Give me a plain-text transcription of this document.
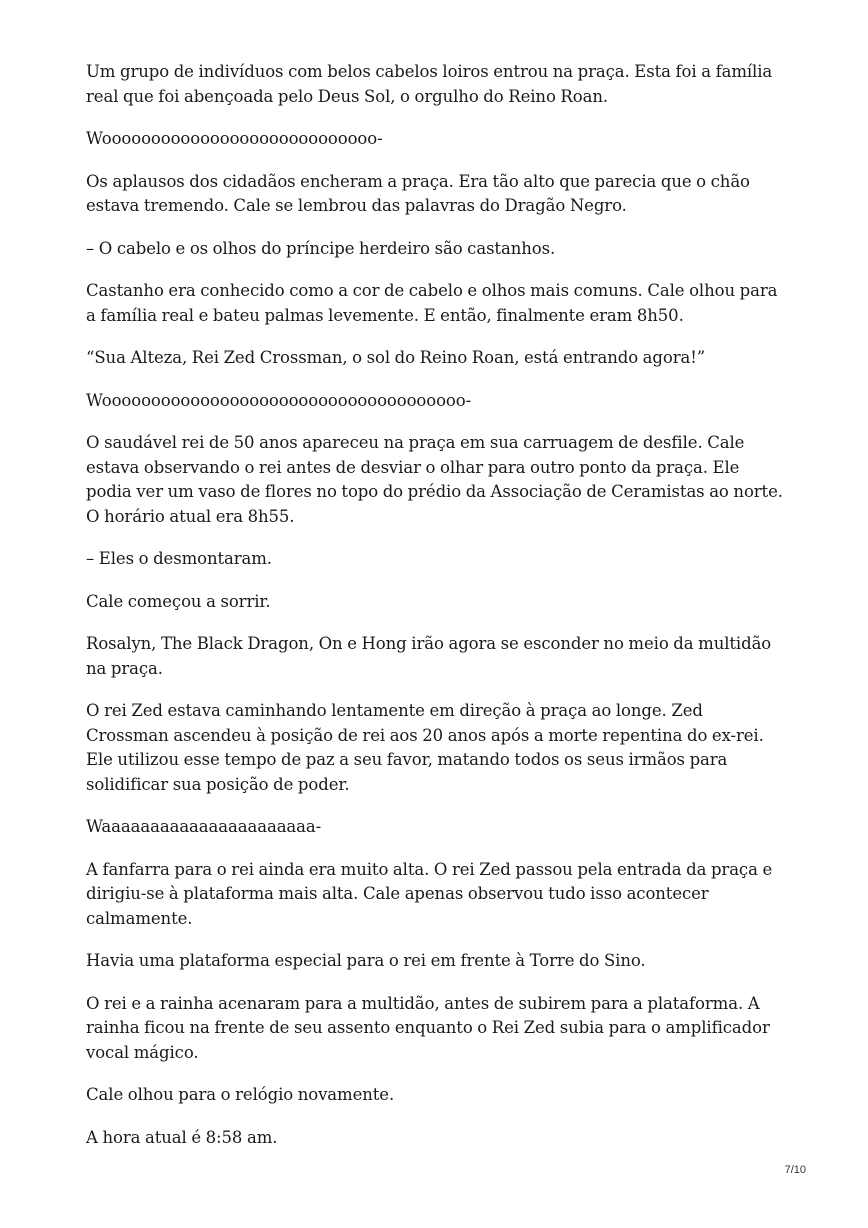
Um grupo de indivíduos com belos cabelos loiros entrou na praça. Esta foi a família real que foi abençoada pelo Deus Sol, o orgulho do Reino Roan.

Woooooooooooooooooooooooooooo-

Os aplausos dos cidadãos encheram a praça. Era tão alto que parecia que o chão estava tremendo. Cale se lembrou das palavras do Dragão Negro.

– O cabelo e os olhos do príncipe herdeiro são castanhos.

Castanho era conhecido como a cor de cabelo e olhos mais comuns. Cale olhou para a família real e bateu palmas levemente. E então, finalmente eram 8h50.

“Sua Alteza, Rei Zed Crossman, o sol do Reino Roan, está entrando agora!”

Wooooooooooooooooooooooooooooooooooooo-

O saudável rei de 50 anos apareceu na praça em sua carruagem de desfile. Cale estava observando o rei antes de desviar o olhar para outro ponto da praça. Ele podia ver um vaso de flores no topo do prédio da Associação de Ceramistas ao norte. O horário atual era 8h55.

– Eles o desmontaram.

Cale começou a sorrir.

Rosalyn, The Black Dragon, On e Hong irão agora se esconder no meio da multidão na praça.

O rei Zed estava caminhando lentamente em direção à praça ao longe. Zed Crossman ascendeu à posição de rei aos 20 anos após a morte repentina do ex-rei. Ele utilizou esse tempo de paz a seu favor, matando todos os seus irmãos para solidificar sua posição de poder.

Waaaaaaaaaaaaaaaaaaaaaa-

A fanfarra para o rei ainda era muito alta. O rei Zed passou pela entrada da praça e dirigiu-se à plataforma mais alta. Cale apenas observou tudo isso acontecer calmamente.

Havia uma plataforma especial para o rei em frente à Torre do Sino.

O rei e a rainha acenaram para a multidão, antes de subirem para a plataforma. A rainha ficou na frente de seu assento enquanto o Rei Zed subia para o amplificador vocal mágico.

Cale olhou para o relógio novamente.

A hora atual é 8:58 am.

7/10
